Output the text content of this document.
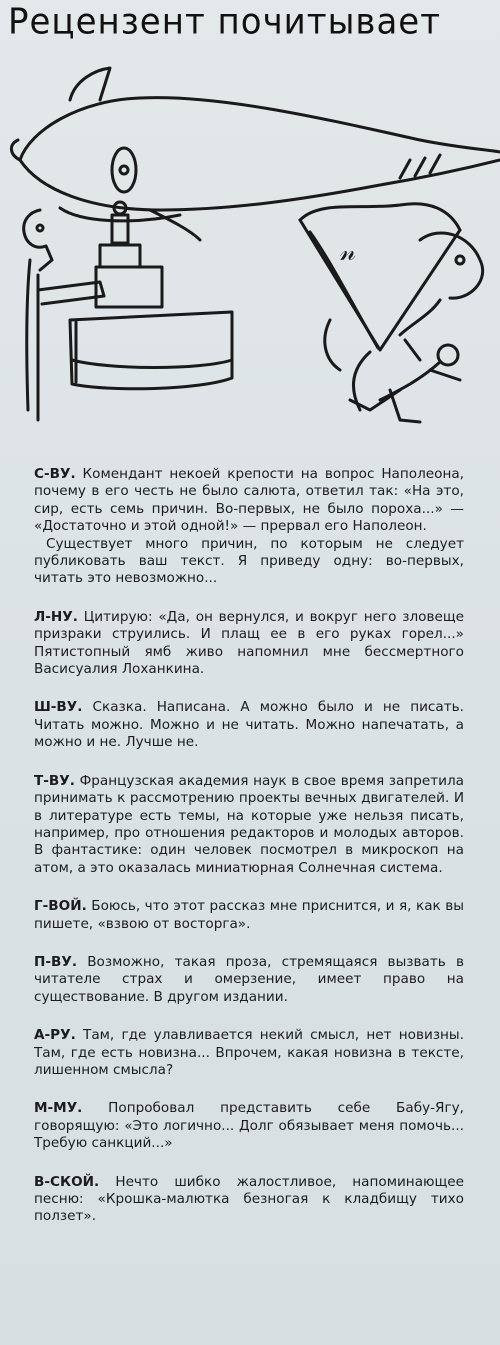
Рецензент почитывает
𝓃

С-ВУ. Комендант некоей крепости на вопрос Наполеона, почему в его честь не было салюта, ответил так: «На это, сир, есть семь причин. Во-первых, не было пороха...» — «Достаточно и этой одной!» — прервал его Наполеон.

Существует много причин, по которым не следует публиковать ваш текст. Я приведу одну: во-первых, читать это невозможно...

Л-НУ. Цитирую: «Да, он вернулся, и вокруг него зловеще призраки струились. И плащ ее в его руках горел...» Пятистопный ямб живо напомнил мне бессмертного Васисуалия Лоханкина.

Ш-ВУ. Сказка. Написана. А можно было и не писать. Читать можно. Можно и не читать. Можно напечатать, а можно и не. Лучше не.

Т-ВУ. Французская академия наук в свое время запретила принимать к рассмотрению проекты вечных двигателей. И в литературе есть темы, на которые уже нельзя писать, например, про отношения редакторов и молодых авторов. В фантастике: один человек посмотрел в микроскоп на атом, а это оказалась миниатюрная Солнечная система.

Г-ВОЙ. Боюсь, что этот рассказ мне приснится, и я, как вы пишете, «взвою от восторга».

П-ВУ. Возможно, такая проза, стремящаяся вызвать в читателе страх и омерзение, имеет право на существование. В другом издании.

А-РУ. Там, где улавливается некий смысл, нет новизны. Там, где есть новизна... Впрочем, какая новизна в тексте, лишенном смысла?

М-МУ. Попробовал представить себе Бабу-Ягу, говорящую: «Это логично... Долг обязывает меня помочь... Требую санкций...»

В-СКОЙ. Нечто шибко жалостливое, напоминающее песню: «Крошка-малютка безногая к кладбищу тихо ползет».
